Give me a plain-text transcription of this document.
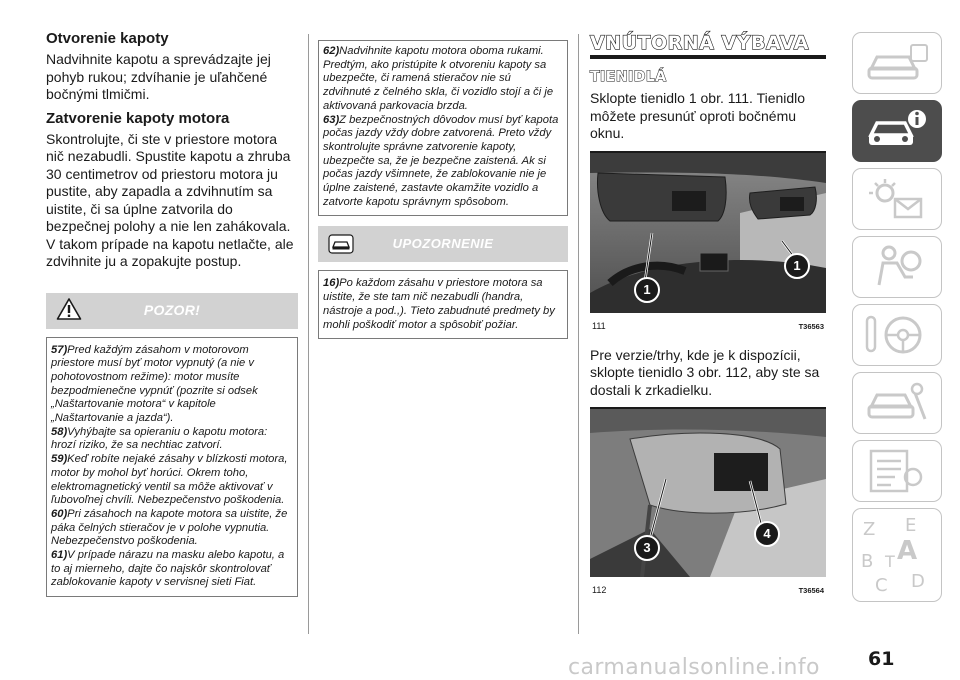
Otvorenie kapoty

Nadvihnite kapotu a sprevádzajte jej pohyb rukou; zdvíhanie je uľahčené bočnými tlmičmi.

Zatvorenie kapoty motora

Skontrolujte, či ste v priestore motora nič nezabudli. Spustite kapotu a zhruba 30 centimetrov od priestoru motora ju pustite, aby zapadla a zdvihnutím sa uistite, či sa úplne zatvorila do bezpečnej polohy a nie len zahákovala. V takom prípade na kapotu netlačte, ale zdvihnite ju a zopakujte postup.

POZOR!

57)Pred každým zásahom v motorovom priestore musí byť motor vypnutý (a nie v pohotovostnom režime): motor musíte bezpodmienečne vypnúť (pozrite si odsek „Naštartovanie motora“ v kapitole „Naštartovanie a jazda“).

58)Vyhýbajte sa opieraniu o kapotu motora: hrozí riziko, že sa nechtiac zatvorí.

59)Keď robíte nejaké zásahy v blízkosti motora, motor by mohol byť horúci. Okrem toho, elektromagnetický ventil sa môže aktivovať v ľubovoľnej chvíli. Nebezpečenstvo poškodenia.

60)Pri zásahoch na kapote motora sa uistite, že páka čelných stieračov je v polohe vypnutia. Nebezpečenstvo poškodenia.

61)V prípade nárazu na masku alebo kapotu, a to aj mierneho, dajte čo najskôr skontrolovať zablokovanie kapoty v servisnej sieti Fiat.

62)Nadvihnite kapotu motora oboma rukami. Predtým, ako pristúpite k otvoreniu kapoty sa ubezpečte, či ramená stieračov nie sú zdvihnuté z čelného skla, či vozidlo stojí a či je aktivovaná parkovacia brzda.

63)Z bezpečnostných dôvodov musí byť kapota počas jazdy vždy dobre zatvorená. Preto vždy skontrolujte správne zatvorenie kapoty, ubezpečte sa, že je bezpečne zaistená. Ak si počas jazdy všimnete, že zablokovanie nie je úplne zaistené, zastavte okamžite vozidlo a zatvorte kapotu správnym spôsobom.

UPOZORNENIE

16)Po každom zásahu v priestore motora sa uistite, že ste tam nič nezabudli (handra, nástroje a pod.,). Tieto zabudnuté predmety by mohli poškodiť motor a spôsobiť požiar.

VNÚTORNÁ VÝBAVA
TIENIDLÁ

Sklopte tienidlo 1 obr. 111. Tienidlo môžete presunúť oproti bočnému oknu.

1
1
111	T36563

Pre verzie/trhy, kde je k dispozícii, sklopte tienidlo 3 obr. 112, aby ste sa dostali k zrkadielku.

3
4
112	T36564
Z E
B
C
T A
D
carmanualsonline.info	61
